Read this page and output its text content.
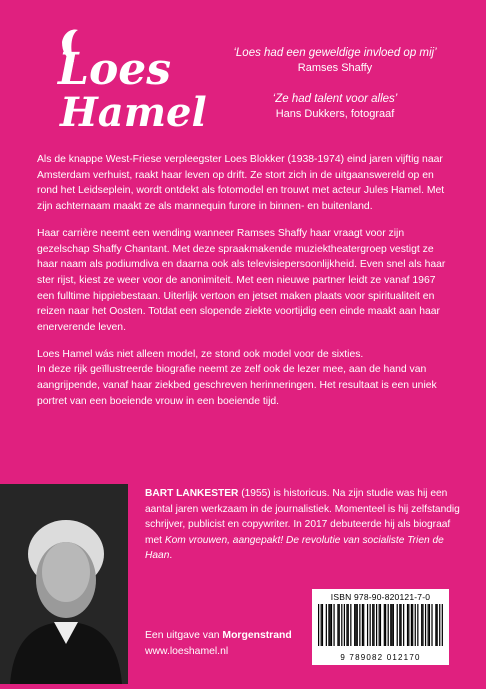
Loes
Hamel
‘Loes had een geweldige invloed op mij’
Ramses Shaffy
‘Ze had talent voor alles’
Hans Dukkers, fotograaf

Als de knappe West-Friese verpleegster Loes Blokker (1938-1974) eind jaren vijftig naar Amsterdam verhuist, raakt haar leven op drift. Ze stort zich in de uitgaanswereld op en rond het Leidseplein, wordt ontdekt als fotomodel en trouwt met acteur Jules Hamel. Met zijn achternaam maakt ze als mannequin furore in binnen- en buitenland.

Haar carrière neemt een wending wanneer Ramses Shaffy haar vraagt voor zijn gezelschap Shaffy Chantant. Met deze spraakmakende muziektheatergroep vestigt ze haar naam als podiumdiva en daarna ook als televisiepersoonlijkheid. Even snel als haar ster rijst, kiest ze weer voor de anonimiteit. Met een nieuwe partner leidt ze vanaf 1967 een fulltime hippiebestaan. Uiterlijk vertoon en jetset maken plaats voor spiritualiteit en reizen naar het Oosten. Totdat een slopende ziekte voortijdig een einde maakt aan haar enerverende leven.

Loes Hamel wás niet alleen model, ze stond ook model voor de sixties.
In deze rijk geïllustreerde biografie neemt ze zelf ook de lezer mee, aan de hand van aangrijpende, vanaf haar ziekbed geschreven herinneringen. Het resultaat is een uniek portret van een boeiende vrouw in een boeiende tijd.

BART LANKESTER (1955) is historicus. Na zijn studie was hij een aantal jaren werkzaam in de journalistiek. Momenteel is hij zelfstandig schrijver, publicist en copywriter. In 2017 debuteerde hij als biograaf met Kom vrouwen, aangepakt! De revolutie van socialiste Trien de Haan.
ISBN 978-90-820121-7-0
9 789082 012170
Een uitgave van Morgenstrand
www.loeshamel.nl
